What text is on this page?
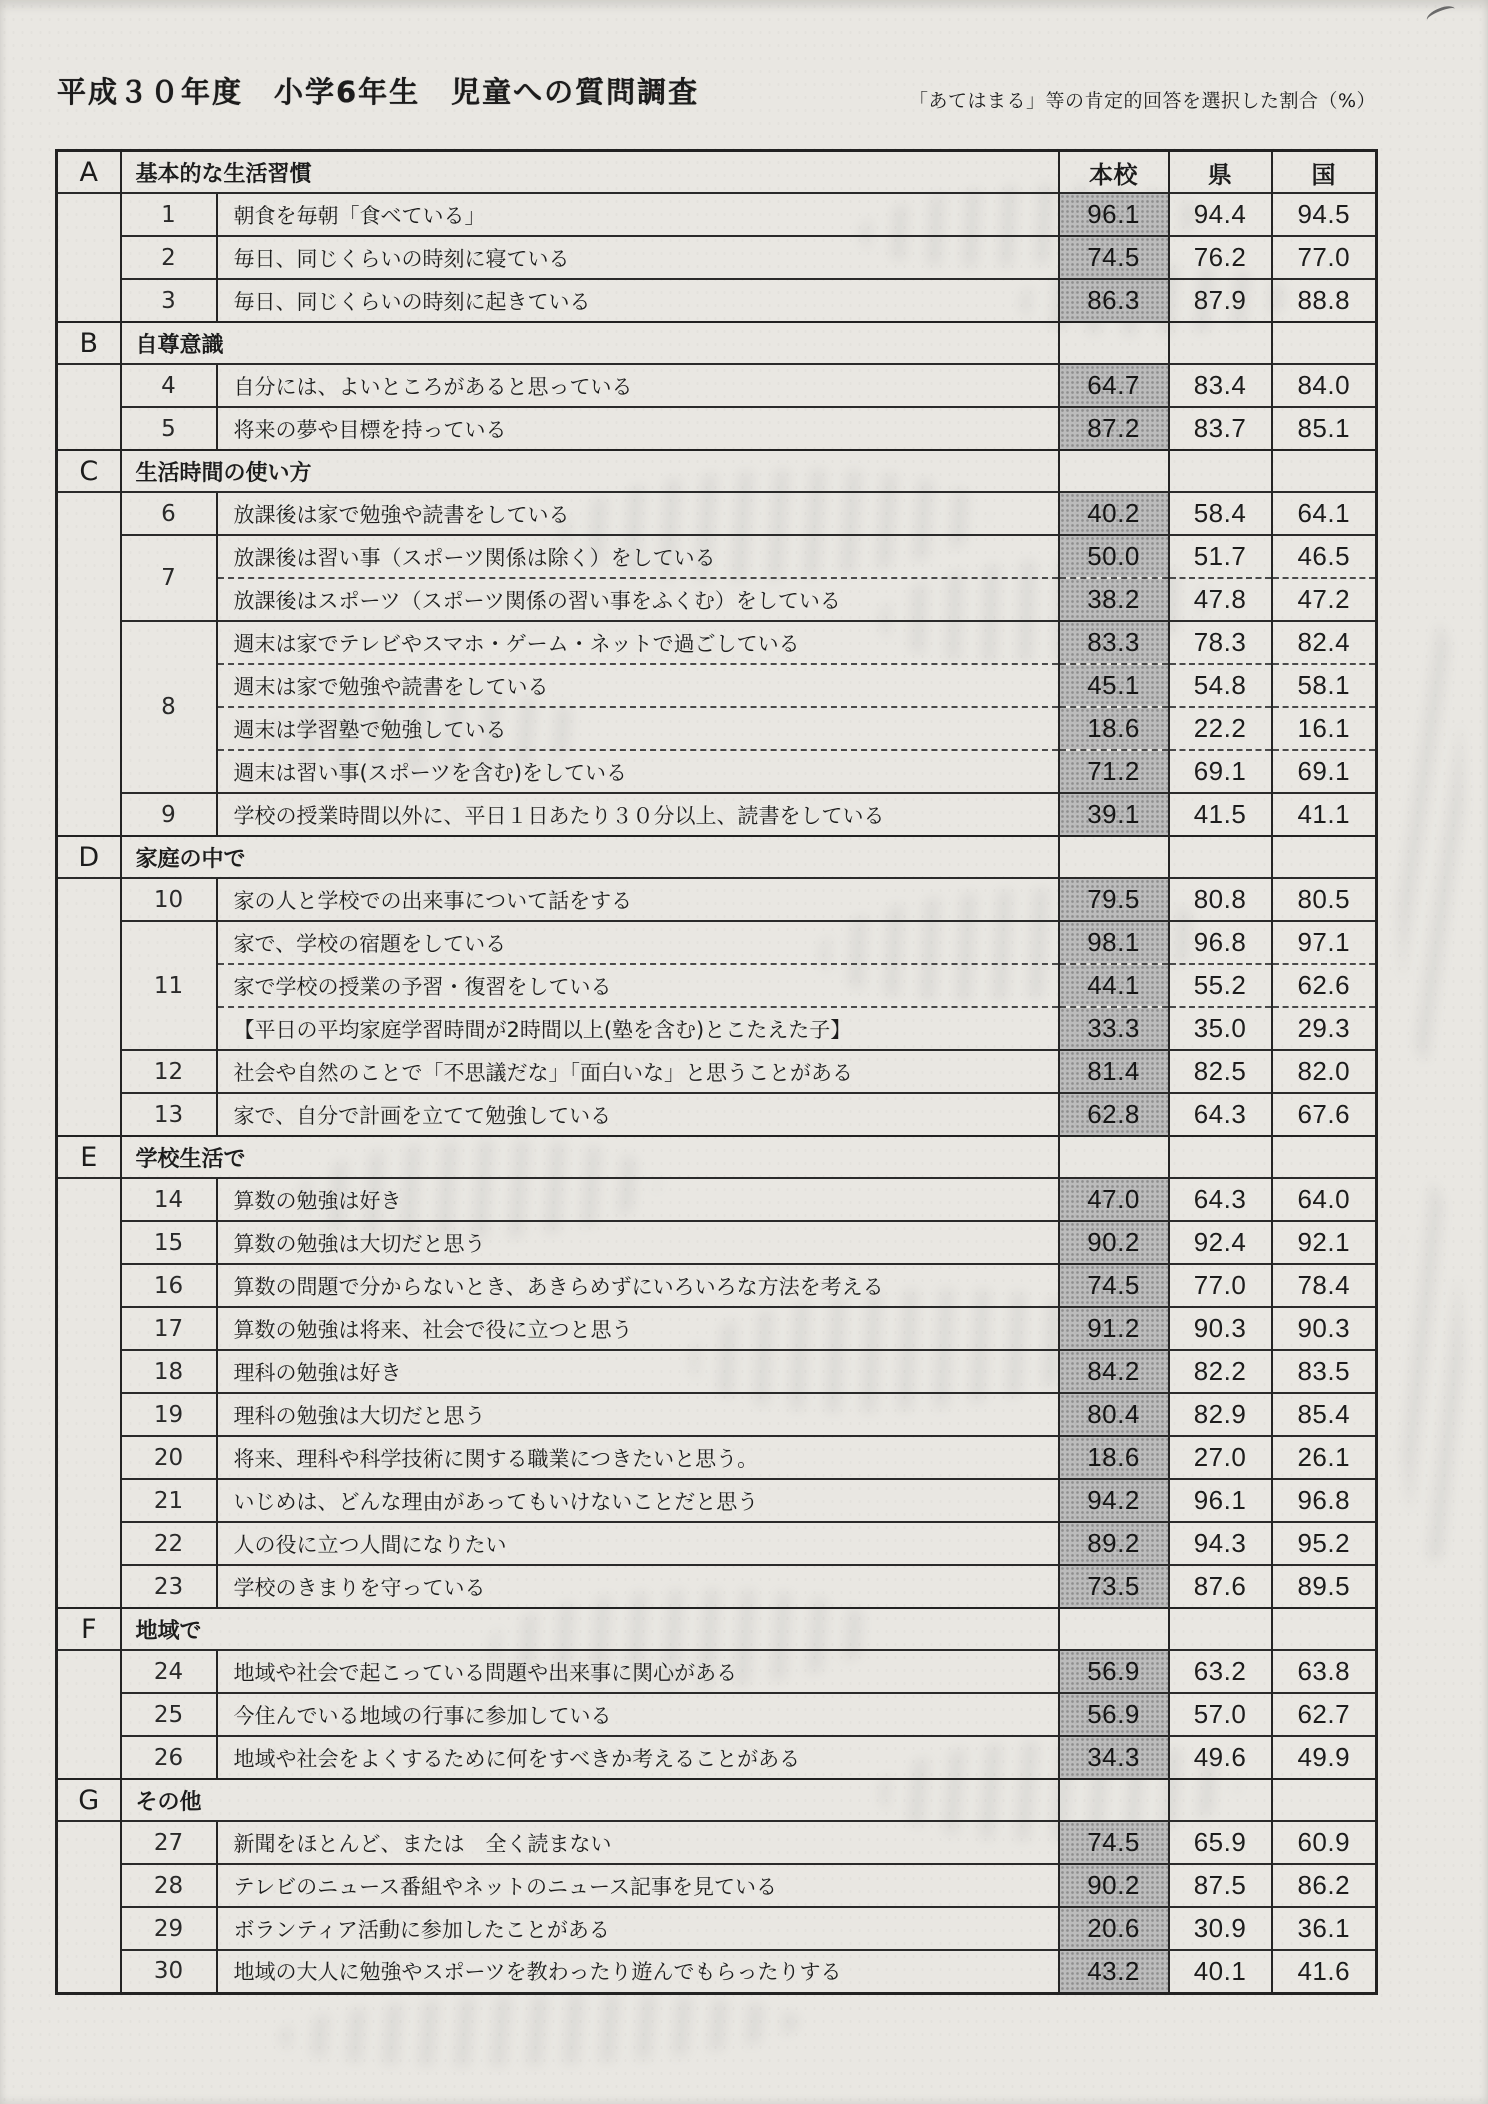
平成３０年度　小学6年生　児童への質問調査	「あてはまる」等の肯定的回答を選択した割合（%）
A	基本的な生活習慣		本校	県	国
	1	朝食を毎朝「食べている」	96.1	94.4	94.5
	2	毎日、同じくらいの時刻に寝ている	74.5	76.2	77.0
	3	毎日、同じくらいの時刻に起きている	86.3	87.9	88.8
B	自尊意識				
	4	自分には、よいところがあると思っている	64.7	83.4	84.0
	5	将来の夢や目標を持っている	87.2	83.7	85.1
C	生活時間の使い方				
	6	放課後は家で勉強や読書をしている	40.2	58.4	64.1
	7	放課後は習い事（スポーツ関係は除く）をしている	50.0	51.7	46.5
		放課後はスポーツ（スポーツ関係の習い事をふくむ）をしている	38.2	47.8	47.2
	8	週末は家でテレビやスマホ・ゲーム・ネットで過ごしている	83.3	78.3	82.4
		週末は家で勉強や読書をしている	45.1	54.8	58.1
		週末は学習塾で勉強している	18.6	22.2	16.1
		週末は習い事(スポーツを含む)をしている	71.2	69.1	69.1
	9	学校の授業時間以外に、平日１日あたり３０分以上、読書をしている	39.1	41.5	41.1
D	家庭の中で				
	10	家の人と学校での出来事について話をする	79.5	80.8	80.5
	11	家で、学校の宿題をしている	98.1	96.8	97.1
		家で学校の授業の予習・復習をしている	44.1	55.2	62.6
		【平日の平均家庭学習時間が2時間以上(塾を含む)とこたえた子】	33.3	35.0	29.3
	12	社会や自然のことで「不思議だな」「面白いな」と思うことがある	81.4	82.5	82.0
	13	家で、自分で計画を立てて勉強している	62.8	64.3	67.6
E	学校生活で				
	14	算数の勉強は好き	47.0	64.3	64.0
	15	算数の勉強は大切だと思う	90.2	92.4	92.1
	16	算数の問題で分からないとき、あきらめずにいろいろな方法を考える	74.5	77.0	78.4
	17	算数の勉強は将来、社会で役に立つと思う	91.2	90.3	90.3
	18	理科の勉強は好き	84.2	82.2	83.5
	19	理科の勉強は大切だと思う	80.4	82.9	85.4
	20	将来、理科や科学技術に関する職業につきたいと思う。	18.6	27.0	26.1
	21	いじめは、どんな理由があってもいけないことだと思う	94.2	96.1	96.8
	22	人の役に立つ人間になりたい	89.2	94.3	95.2
	23	学校のきまりを守っている	73.5	87.6	89.5
F	地域で				
	24	地域や社会で起こっている問題や出来事に関心がある	56.9	63.2	63.8
	25	今住んでいる地域の行事に参加している	56.9	57.0	62.7
	26	地域や社会をよくするために何をすべきか考えることがある	34.3	49.6	49.9
G	その他				
	27	新聞をほとんど、または　全く読まない	74.5	65.9	60.9
	28	テレビのニュース番組やネットのニュース記事を見ている	90.2	87.5	86.2
	29	ボランティア活動に参加したことがある	20.6	30.9	36.1
	30	地域の大人に勉強やスポーツを教わったり遊んでもらったりする	43.2	40.1	41.6
